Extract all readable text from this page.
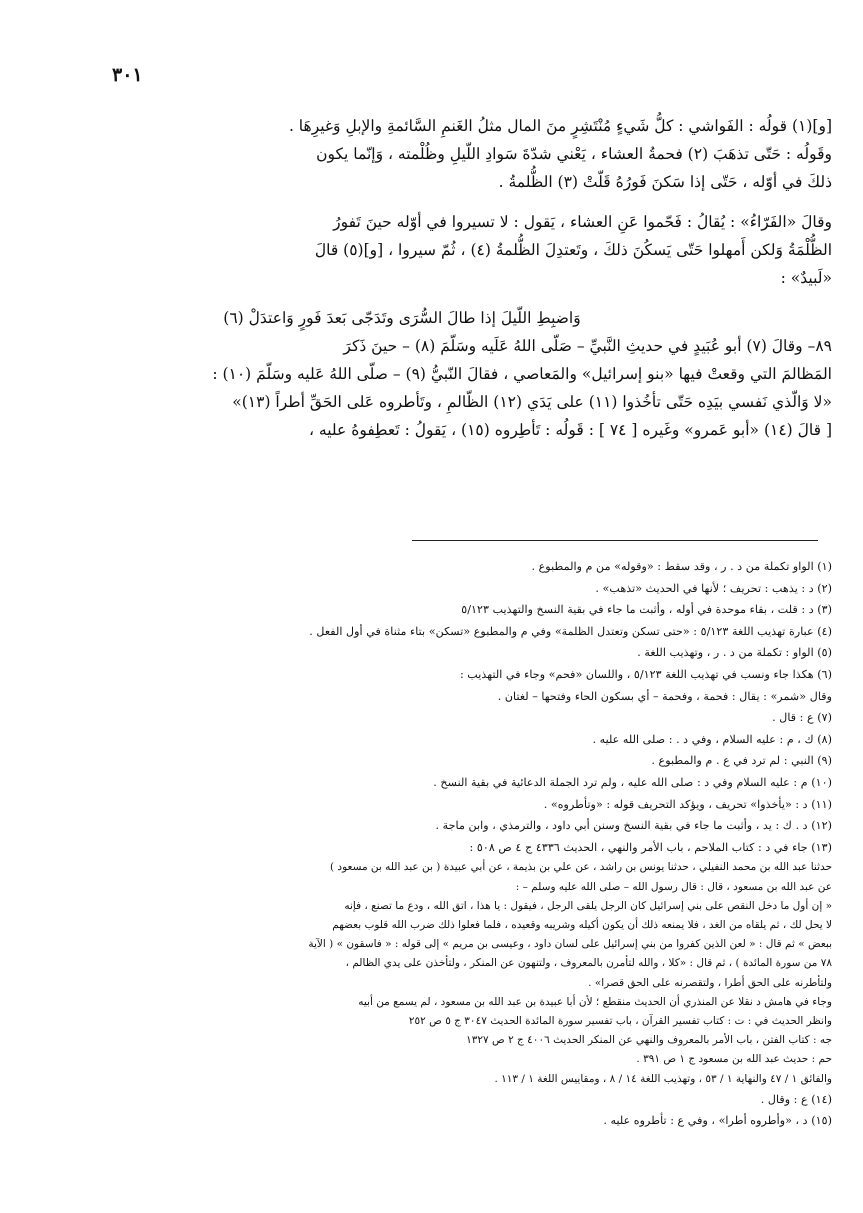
٣٠١

[و](١) قولُه : الفَواشي : كلُّ شَيءٍ مُنْتَشِرٍ منَ المال مثلُ الغَنمِ السَّائمةِ والإبلِ وَغيرِهَا .

وقَولُه : حَتّى تذهَبَ (٢) فحمةُ العشاء ، يَعْني شدّةَ سَوادِ اللّيلِ وظُلْمته ، وَإنّما يكون

ذلكَ في أوّله ، حَتّى إذا سَكنَ فَورُهُ قَلّتْ (٣) الظُّلمةُ .

وقالَ «الفَرّاءُ» : يُقالُ : فَحّموا عَنِ العشاء ، يَقول : لا تسيروا في أوّله حينَ تَفورُ

الظُّلْمَةُ وَلكن أَمهلوا حَتّى يَسكُنَ ذلكَ ، وتَعتدِلَ الظُّلمةُ (٤) ، ثُمّ سيروا ، [و](٥) قالَ

«لَبيدٌ» :

وَاضبِطِ اللّيلَ إذا طالَ السُّرَى وتَدَجّى بَعدَ فَورٍ وَاعتدَلْ (٦)

٨٩– وقالَ (٧) أبو عُبَيدٍ في حديثِ النَّبيِّ – صَلّى اللهُ عَلَيه وسَلّمَ (٨) – حينَ ذَكرَ

المَظالمَ التي وقعتْ فيها «بنو إسرائيل» والمَعاصي ، فقالَ النّبيُّ (٩) – صلّى اللهُ عَليه وسَلّمَ (١٠) :

«لا وَالّذي نَفسي بيَدِه حَتّى تأخُذوا (١١) على يَدَي (١٢) الظّالمِ ، وتَأطروه عَلى الحَقِّ أطراً (١٣)»

[ قالَ (١٤) «أبو عَمرو» وغَيره [ ٧٤ ] : قَولُه : تَأطِروه (١٥) ، يَقولُ : تَعطِفوهُ عليه ،

(١) الواو تكملة من د . ر ، وقد سقط : «وقوله» من م والمطبوع .
(٢) د : يذهب : تحريف ؛ لأنها في الحديث «تذهب» .
(٣) د : قلت ، بقاء موحدة في أوله ، وأثبت ما جاء في بقية النسخ والتهذيب ٥/١٢٣
(٤) عبارة تهذيب اللغة ٥/١٢٣ : «حتى تسكن وتعتدل الظلمة» وفي م والمطبوع «تسكن» بتاء مثناة في أول الفعل .
(٥) الواو : تكملة من د . ر ، وتهذيب اللغة .
(٦) هكذا جاء ونسب في تهذيب اللغة ٥/١٢٣ ، واللسان «فحم» وجاء في التهذيب :
وقال «شمر» : يقال : فحمة ، وفحمة – أي بسكون الحاء وفتحها – لغتان .
(٧) ع : قال .
(٨) ك ، م : عليه السلام ، وفي د . : صلى الله عليه .
(٩) النبي : لم ترد في ع . م والمطبوع .
(١٠) م : عليه السلام وفي د : صلى الله عليه ، ولم ترد الجملة الدعائية في بقية النسخ .
(١١) د : «يأخذوا» تحريف ، ويؤكد التحريف قوله : «وتأطروه» .
(١٢) د . ك : يد ، وأثبت ما جاء في بقية النسخ وسنن أبي داود ، والترمذي ، وابن ماجة .
(١٣) جاء في د : كتاب الملاحم ، باب الأمر والنهي ، الحديث ٤٣٣٦ ج ٤ ص ٥٠٨ :
حدثنا عبد الله بن محمد النفيلي ، حدثنا يونس بن راشد ، عن علي بن بذيمة ، عن أبي عبيدة ( بن عبد الله بن مسعود )
عن عبد الله بن مسعود ، قال : قال رسول الله – صلى الله عليه وسلم – :
« إن أول ما دخل النقص على بني إسرائيل كان الرجل يلقى الرجل ، فيقول : يا هذا ، اتق الله ، ودع ما تصنع ، فإنه
لا يحل لك ، ثم يلقاه من الغد ، فلا يمنعه ذلك أن يكون أكيله وشريبه وقعيده ، فلما فعلوا ذلك ضرب الله قلوب بعضهم
ببعض » ثم قال : « لعن الذين كفروا من بني إسرائيل على لسان داود ، وعيسى بن مريم » إلى قوله : « فاسقون » ( الآية
٧٨ من سورة المائدة ) ، ثم قال : «كلا ، والله لتأمرن بالمعروف ، ولتنهون عن المنكر ، ولتأخذن على يدي الظالم ،
ولتأطرنه على الحق أطرا ، ولتقصرنه على الحق قصرا» .
وجاء في هامش د نقلا عن المنذري أن الحديث منقطع ؛ لأن أبا عبيدة بن عبد الله بن مسعود ، لم يسمع من أبيه
وانظر الحديث في : ت : كتاب تفسير القرآن ، باب تفسير سورة المائدة الحديث ٣٠٤٧ ج ٥ ص ٢٥٢
جه : كتاب الفتن ، باب الأمر بالمعروف والنهي عن المنكر الحديث ٤٠٠٦ ج ٢ ص ١٣٢٧
حم : حديث عبد الله بن مسعود ج ١ ص ٣٩١ .
والفائق ١ / ٤٧ والنهاية ١ / ٥٣ ، وتهذيب اللغة ١٤ / ٨ ، ومقاييس اللغة ١ / ١١٣ .
(١٤) ع : وقال .
(١٥) د ، «وأطروه أطرا» ، وفي ع : تأطروه عليه .
